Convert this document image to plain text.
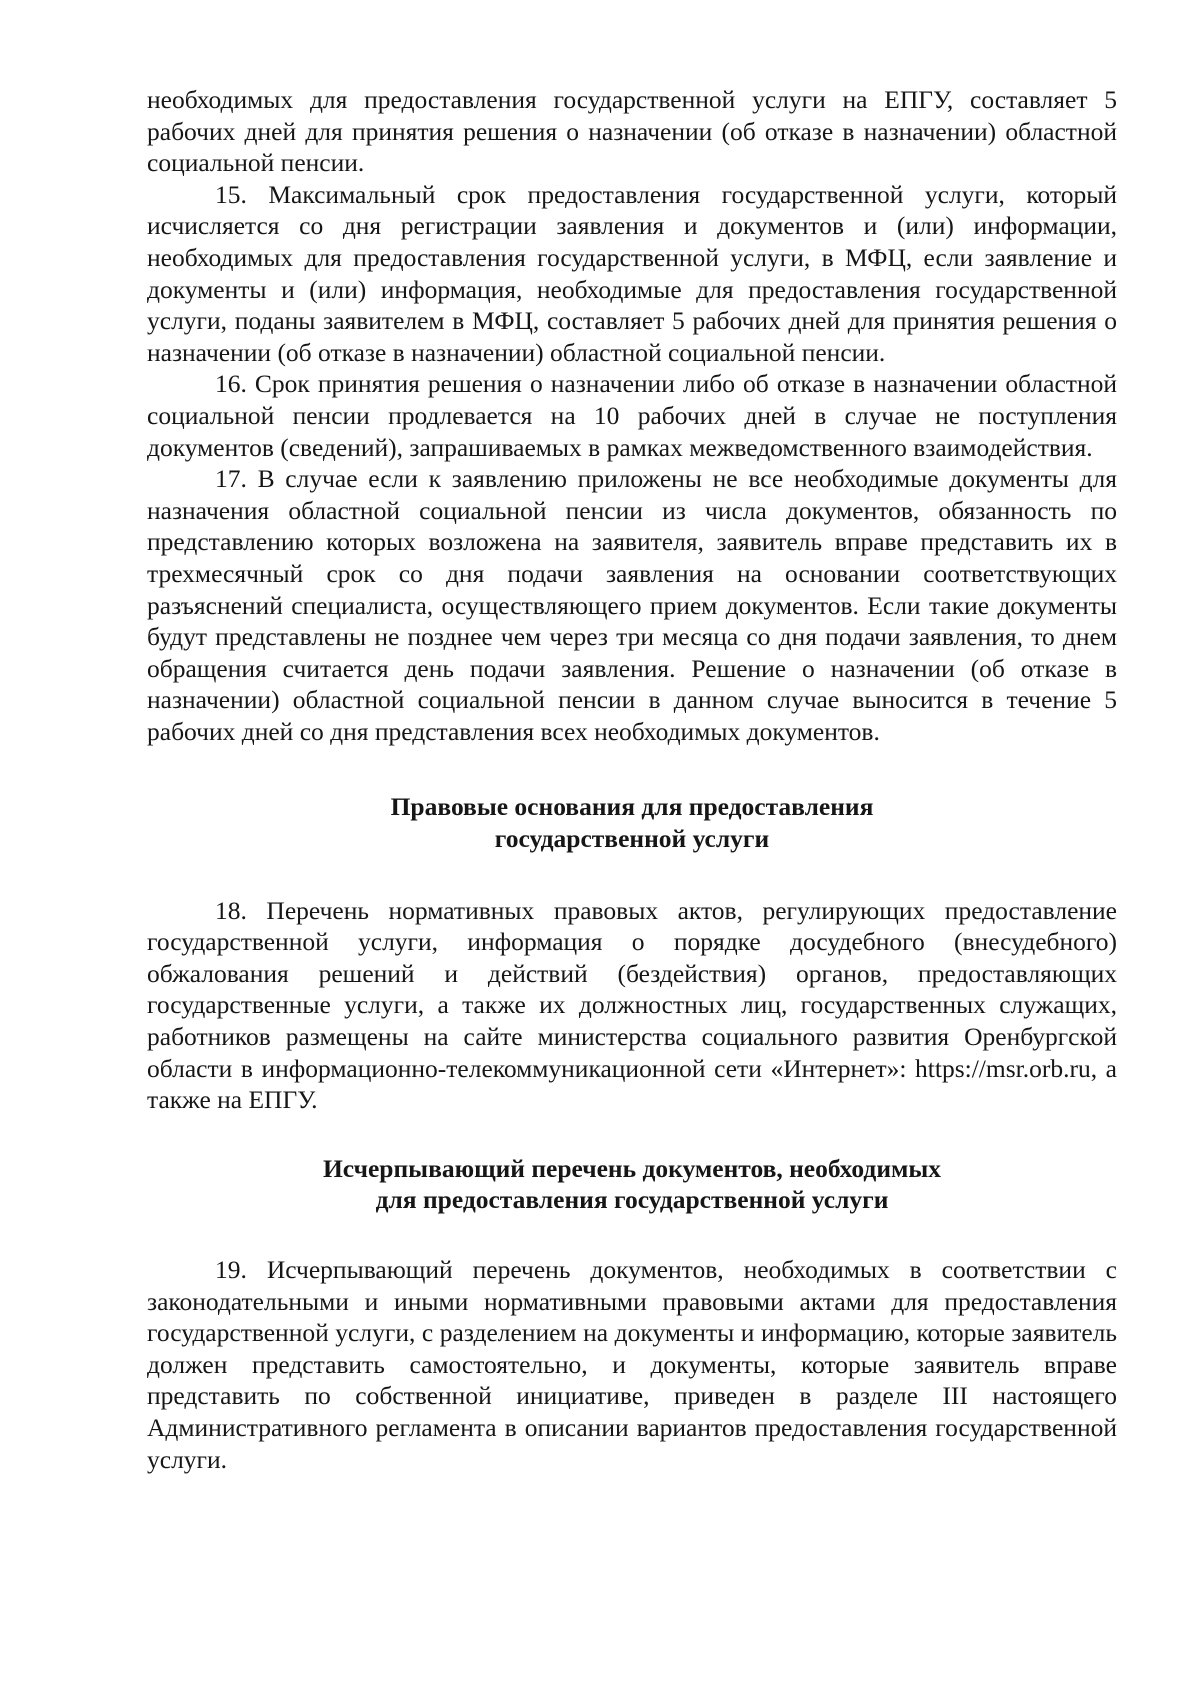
необходимых для предоставления государственной услуги на ЕПГУ, составляет 5 рабочих дней для принятия решения о назначении (об отказе в назначении) областной социальной пенсии.

15. Максимальный срок предоставления государственной услуги, который исчисляется со дня регистрации заявления и документов и (или) информации, необходимых для предоставления государственной услуги, в МФЦ, если заявление и документы и (или) информация, необходимые для предоставления государственной услуги, поданы заявителем в МФЦ, составляет 5 рабочих дней для принятия решения о назначении (об отказе в назначении) областной социальной пенсии.

16. Срок принятия решения о назначении либо об отказе в назначении областной социальной пенсии продлевается на 10 рабочих дней в случае не поступления документов (сведений), запрашиваемых в рамках межведомственного взаимодействия.

17. В случае если к заявлению приложены не все необходимые документы для назначения областной социальной пенсии из числа документов, обязанность по представлению которых возложена на заявителя, заявитель вправе представить их в трехмесячный срок со дня подачи заявления на основании соответствующих разъяснений специалиста, осуществляющего прием документов. Если такие документы будут представлены не позднее чем через три месяца со дня подачи заявления, то днем обращения считается день подачи заявления. Решение о назначении (об отказе в назначении) областной социальной пенсии в данном случае выносится в течение 5 рабочих дней со дня представления всех необходимых документов.

Правовые основания для предоставления
государственной услуги

18. Перечень нормативных правовых актов, регулирующих предоставление государственной услуги, информация о порядке досудебного (внесудебного) обжалования решений и действий (бездействия) органов, предоставляющих государственные услуги, а также их должностных лиц, государственных служащих, работников размещены на сайте министерства социального развития Оренбургской области в информационно-телекоммуникационной сети «Интернет»: https://msr.orb.ru, а также на ЕПГУ.

Исчерпывающий перечень документов, необходимых
для предоставления государственной услуги

19. Исчерпывающий перечень документов, необходимых в соответствии с законодательными и иными нормативными правовыми актами для предоставления государственной услуги, с разделением на документы и информацию, которые заявитель должен представить самостоятельно, и документы, которые заявитель вправе представить по собственной инициативе, приведен в разделе III настоящего Административного регламента в описании вариантов предоставления государственной услуги.
